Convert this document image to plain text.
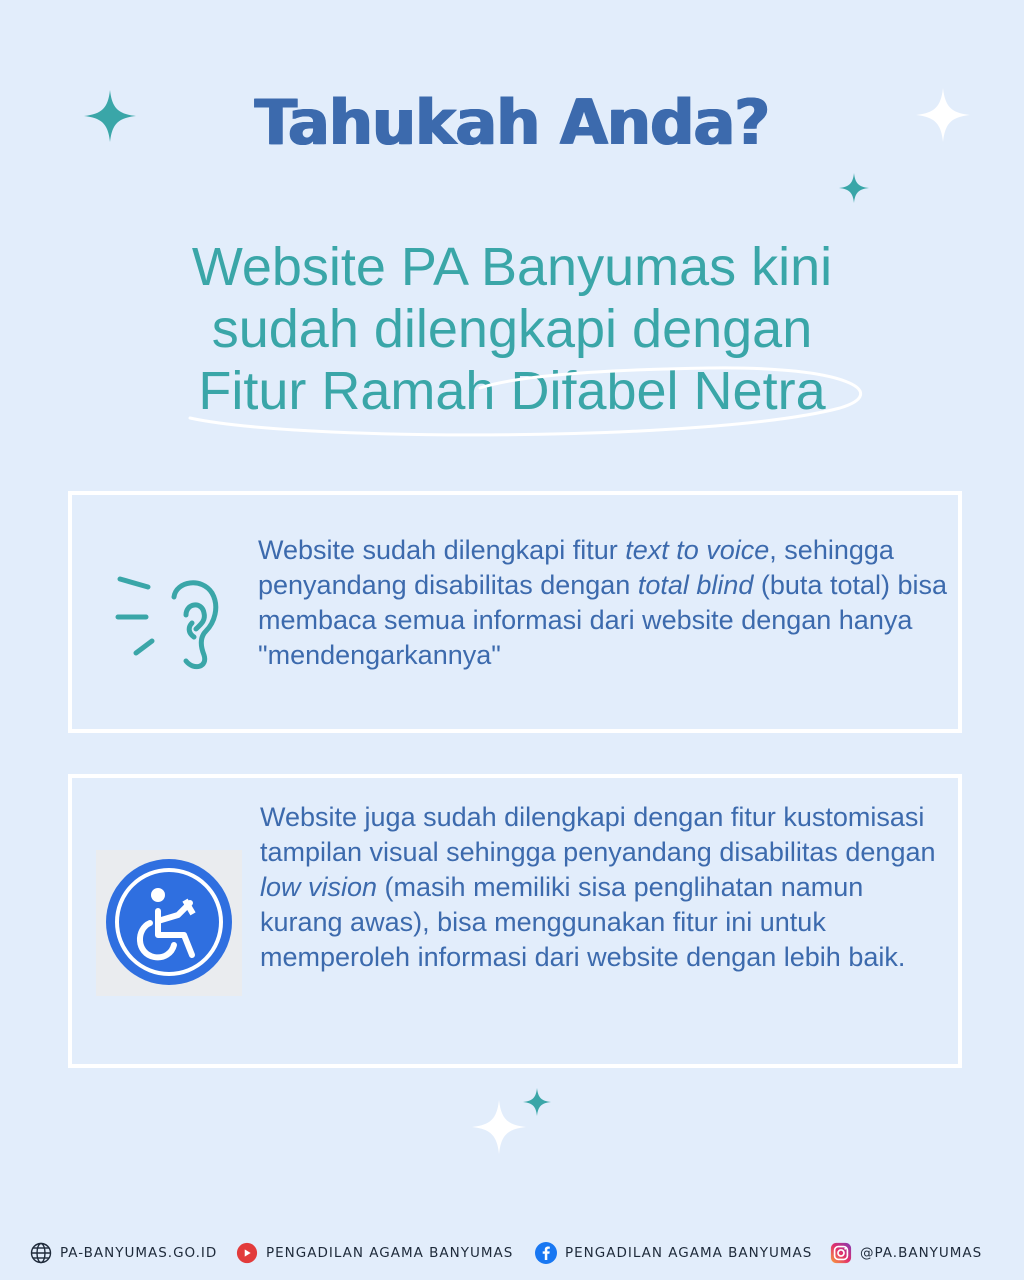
Tahukah Anda?
Website PA Banyumas kini
sudah dilengkapi dengan
Fitur Ramah Difabel Netra
Website sudah dilengkapi fitur text to voice, sehingga penyandang disabilitas dengan total blind (buta total) bisa membaca semua informasi dari website dengan hanya "mendengarkannya"
Website juga sudah dilengkapi dengan fitur kustomisasi tampilan visual sehingga penyandang disabilitas dengan low vision (masih memiliki sisa penglihatan namun kurang awas), bisa menggunakan fitur ini untuk memperoleh informasi dari website dengan lebih baik.
PA-BANYUMAS.GO.ID	PENGADILAN AGAMA BANYUMAS	PENGADILAN AGAMA BANYUMAS	@PA.BANYUMAS
